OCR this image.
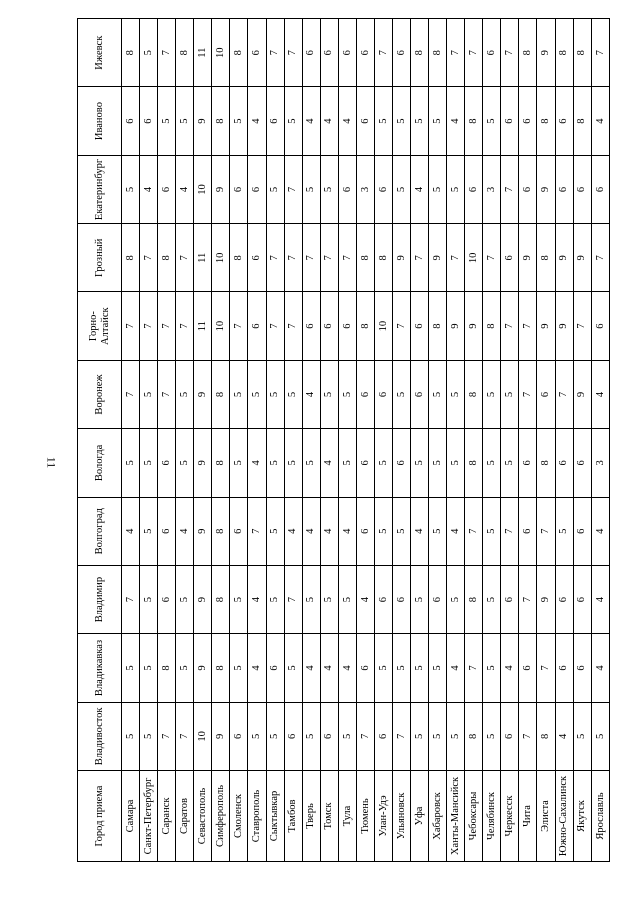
11
Город приема	Владивосток	Владикавказ	Владимир	Волгоград	Вологда	Воронеж	Горно-Алтайск	Грозный	Екатеринбург	Иваново	Ижевск
Самара	5	5	7	4	5	7	7	8	5	6	8
Санкт-Петербург	5	5	5	5	5	5	7	7	4	6	5
Саранск	7	8	6	6	6	7	7	8	6	5	7
Саратов	7	5	5	4	5	5	7	7	4	5	8
Севастополь	10	9	9	9	9	9	11	11	10	9	11
Симферополь	9	8	8	8	8	8	10	10	9	8	10
Смоленск	6	5	5	6	5	5	7	8	6	5	8
Ставрополь	5	4	4	7	4	5	6	6	6	4	6
Сыктывкар	5	6	5	5	5	5	7	7	5	6	7
Тамбов	6	5	7	4	5	5	7	7	7	5	7
Тверь	5	4	5	4	5	4	6	7	5	4	6
Томск	6	4	5	4	4	5	6	7	5	4	6
Тула	5	4	5	4	5	5	6	7	6	4	6
Тюмень	7	6	4	6	6	6	8	8	3	6	6
Улан-Удэ	6	5	6	5	5	6	10	8	6	5	7
Ульяновск	7	5	6	5	6	5	7	9	5	5	6
Уфа	5	5	5	4	5	6	6	7	4	5	8
Хабаровск	5	5	6	5	5	5	8	9	5	5	8
Ханты-Мансийск	5	4	5	4	5	5	9	7	5	4	7
Чебоксары	8	7	8	7	8	8	9	10	6	8	7
Челябинск	5	5	5	5	5	5	8	7	3	5	6
Черкесск	6	4	6	7	5	5	7	6	7	6	7
Чита	7	6	7	6	6	7	7	9	6	6	8
Элиста	8	7	9	7	8	6	9	8	9	8	9
Южно-Сахалинск	4	6	6	5	6	7	9	9	6	6	8
Якутск	5	6	6	6	6	9	7	9	6	8	8
Ярославль	5	4	4	4	3	4	6	7	6	4	7
